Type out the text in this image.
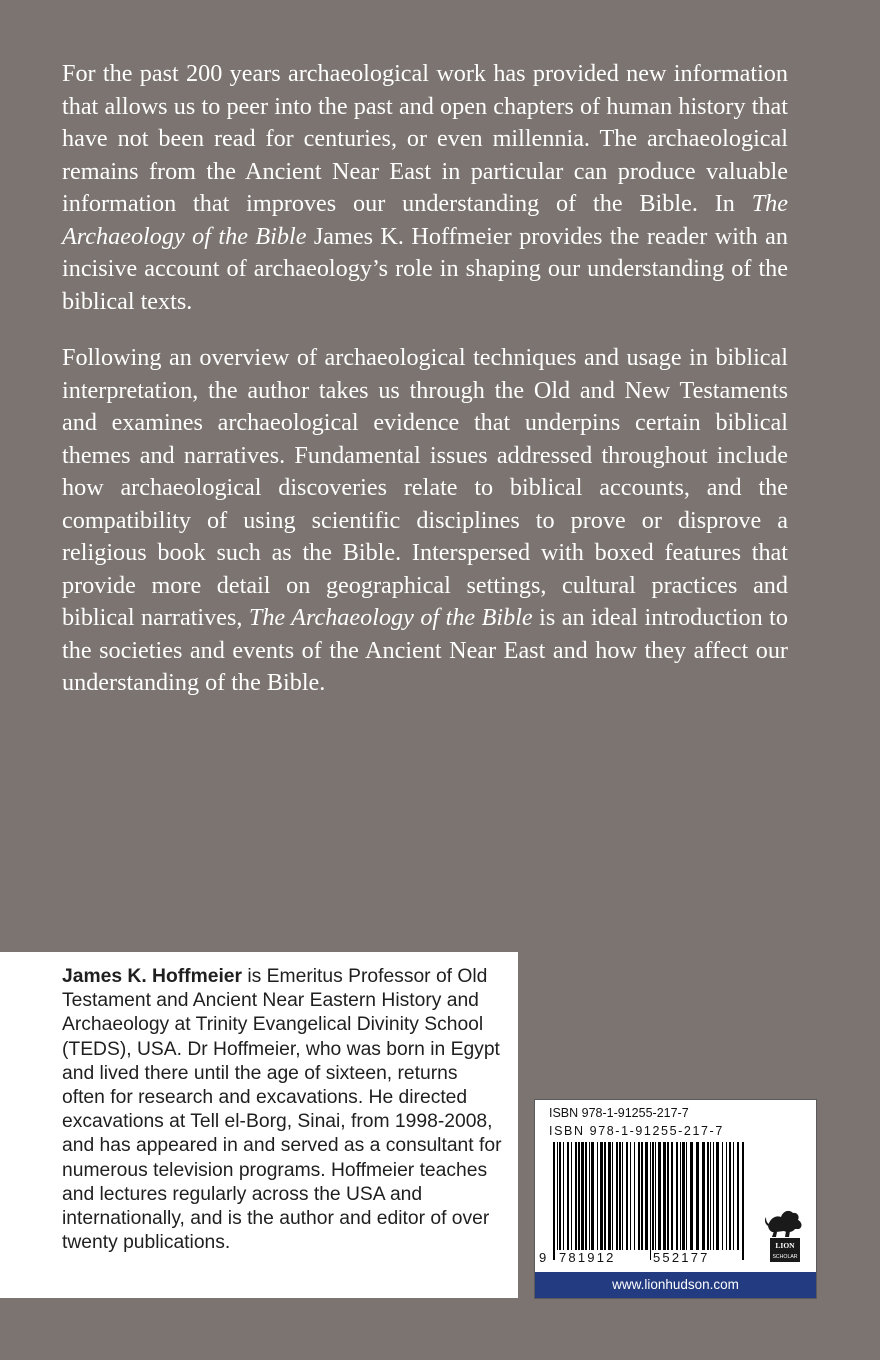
For the past 200 years archaeological work has provided new information that allows us to peer into the past and open chapters of human history that have not been read for centuries, or even millennia. The archaeological remains from the Ancient Near East in particular can produce valuable information that improves our understanding of the Bible. In The Archaeology of the Bible James K. Hoffmeier provides the reader with an incisive account of archaeology’s role in shaping our understanding of the biblical texts.

Following an overview of archaeological techniques and usage in biblical interpretation, the author takes us through the Old and New Testaments and examines archaeological evidence that underpins certain biblical themes and narratives. Fundamental issues addressed throughout include how archaeological discoveries relate to biblical accounts, and the compatibility of using scientific disciplines to prove or disprove a religious book such as the Bible. Interspersed with boxed features that provide more detail on geographical settings, cultural practices and biblical narratives, The Archaeology of the Bible is an ideal introduction to the societies and events of the Ancient Near East and how they affect our understanding of the Bible.

James K. Hoffmeier is Emeritus Professor of Old Testament and Ancient Near Eastern History and Archaeology at Trinity Evangelical Divinity School (TEDS), USA. Dr Hoffmeier, who was born in Egypt and lived there until the age of sixteen, returns often for research and excavations. He directed excavations at Tell el-Borg, Sinai, from 1998-2008, and has appeared in and served as a consultant for numerous television programs. Hoffmeier teaches and lectures regularly across the USA and internationally, and is the author and editor of over twenty publications.

ISBN 978-1-91255-217-7
ISBN 978-1-91255-217-7
9 781912	552177
LION
SCHOLAR
www.lionhudson.com
